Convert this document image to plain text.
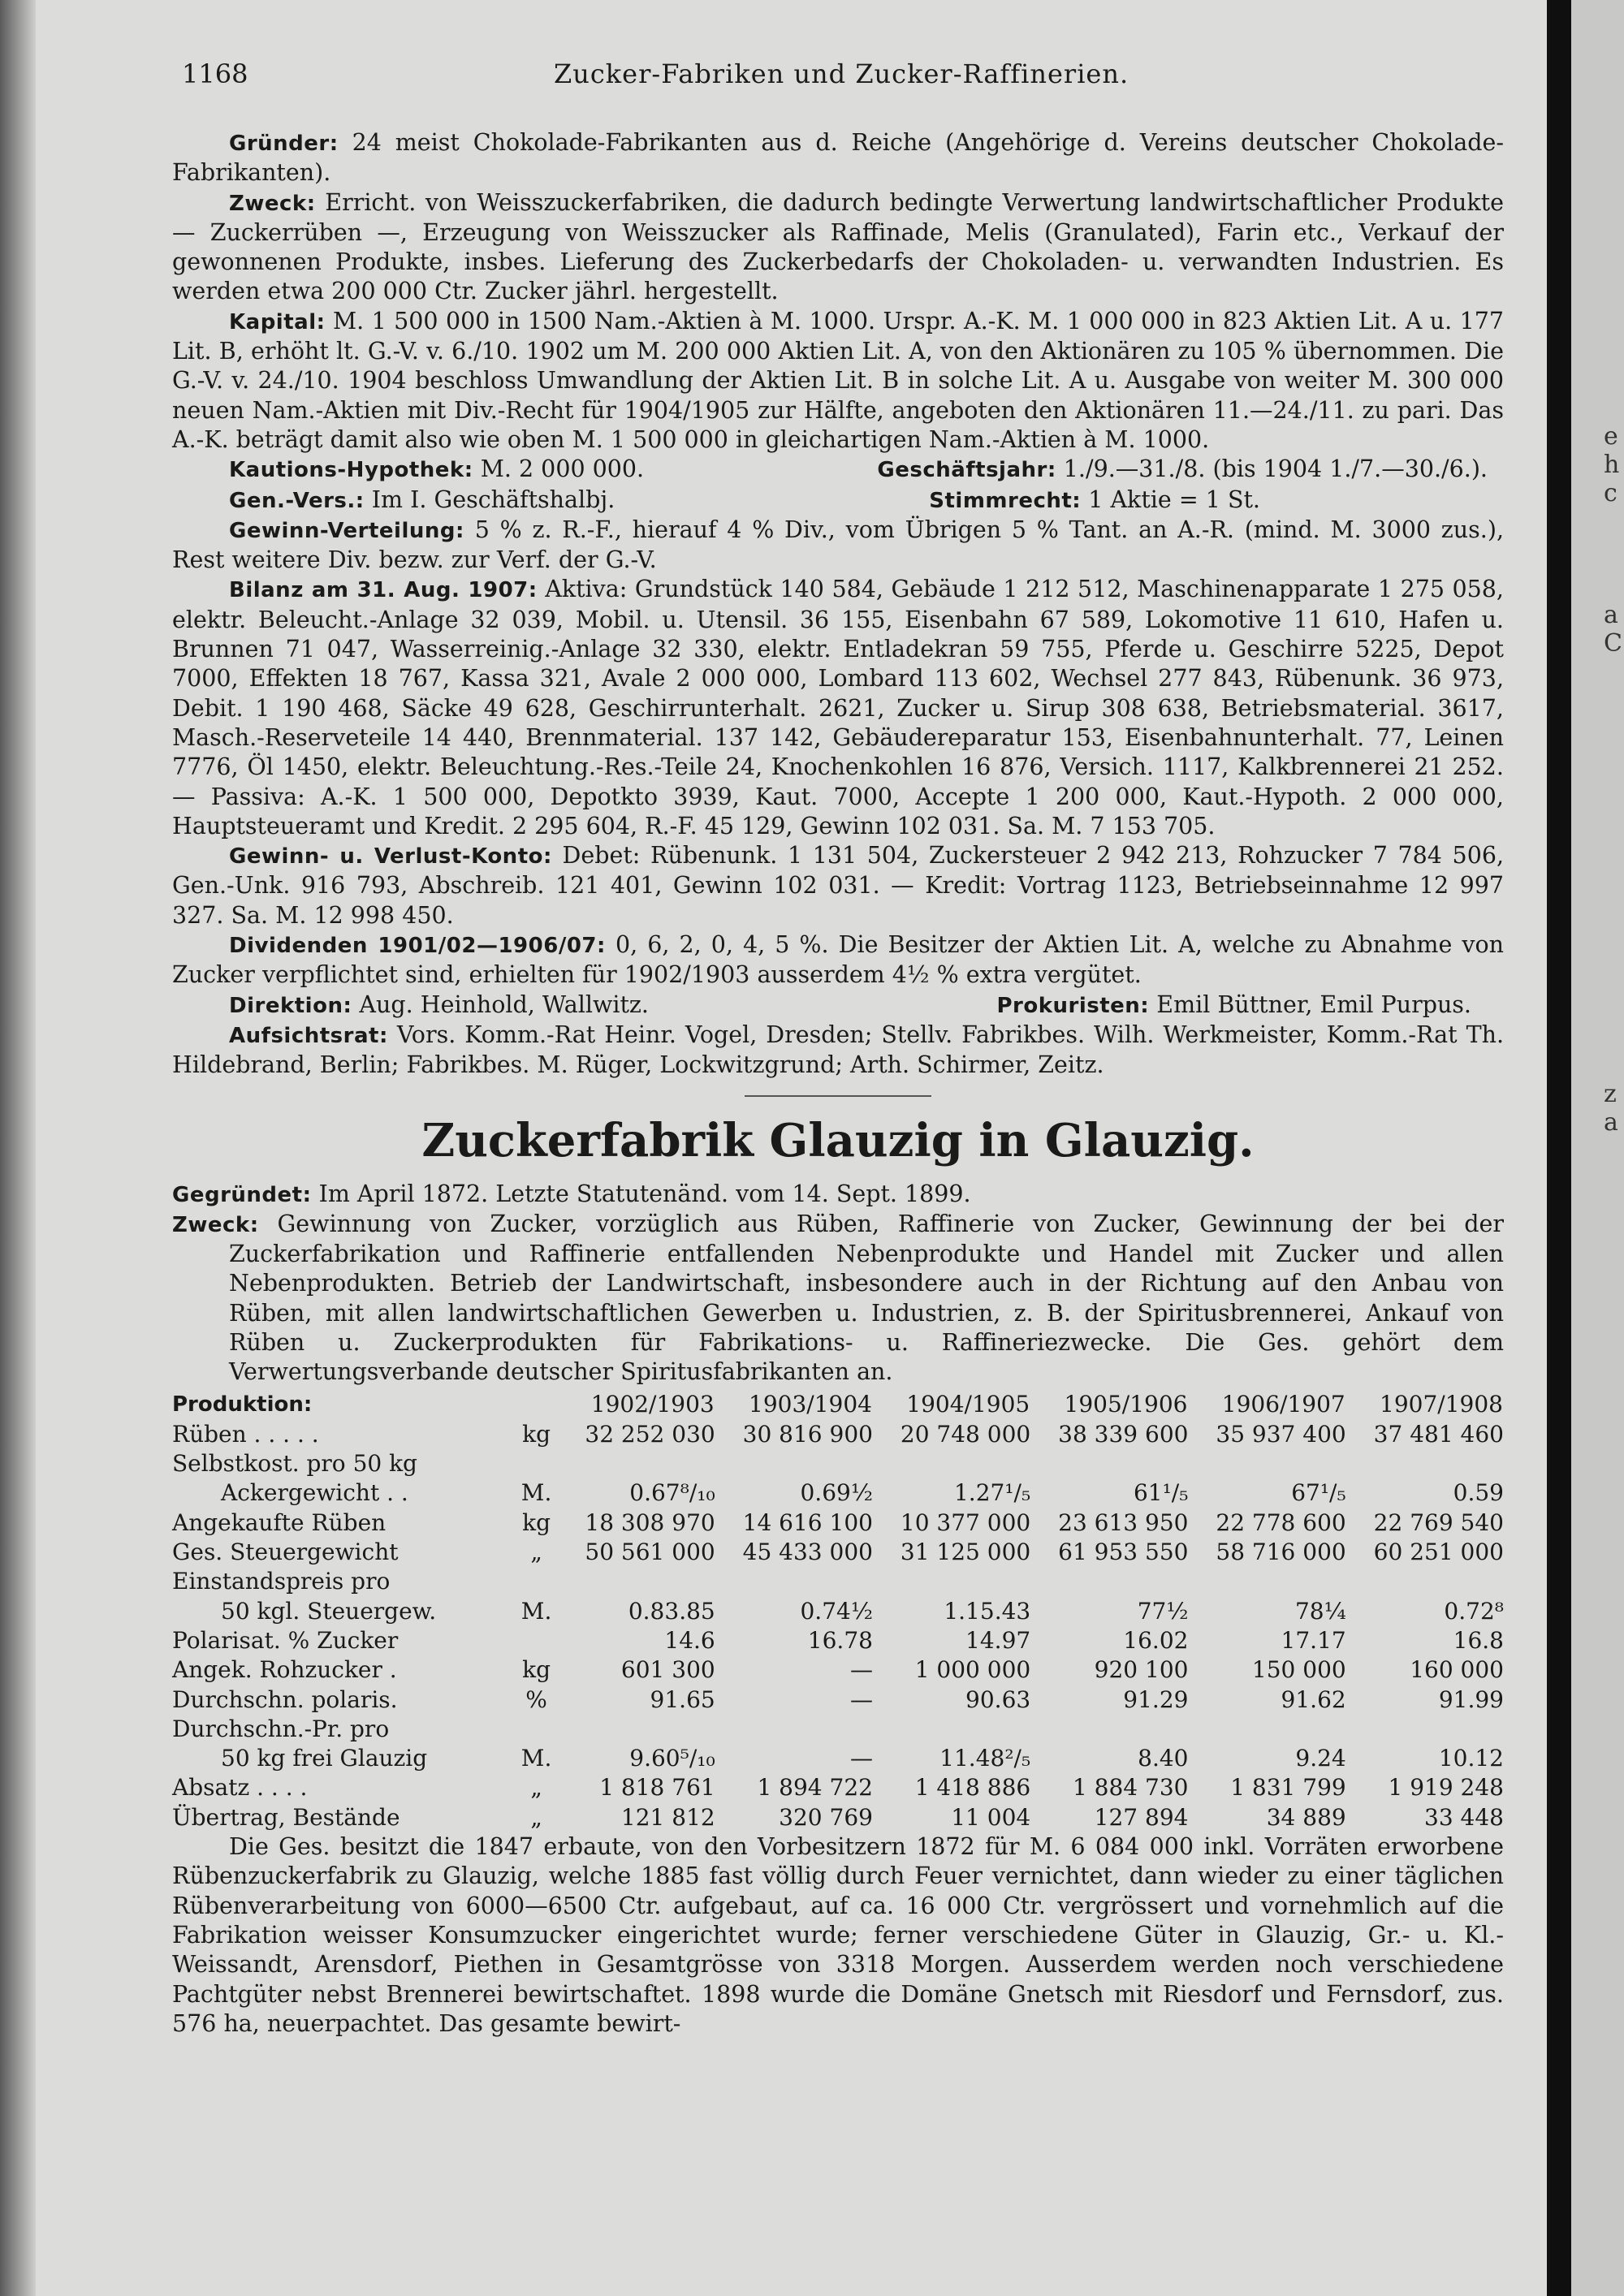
1168	Zucker-Fabriken und Zucker-Raffinerien.

Gründer: 24 meist Chokolade-Fabrikanten aus d. Reiche (Angehörige d. Vereins deutscher Chokolade-Fabrikanten).

Zweck: Erricht. von Weisszuckerfabriken, die dadurch bedingte Verwertung landwirtschaftlicher Produkte — Zuckerrüben —, Erzeugung von Weisszucker als Raffinade, Melis (Granulated), Farin etc., Verkauf der gewonnenen Produkte, insbes. Lieferung des Zuckerbedarfs der Chokoladen- u. verwandten Industrien. Es werden etwa 200 000 Ctr. Zucker jährl. hergestellt.

Kapital: M. 1 500 000 in 1500 Nam.-Aktien à M. 1000. Urspr. A.-K. M. 1 000 000 in 823 Aktien Lit. A u. 177 Lit. B, erhöht lt. G.-V. v. 6./10. 1902 um M. 200 000 Aktien Lit. A, von den Aktionären zu 105 % übernommen. Die G.-V. v. 24./10. 1904 beschloss Umwandlung der Aktien Lit. B in solche Lit. A u. Ausgabe von weiter M. 300 000 neuen Nam.-Aktien mit Div.-Recht für 1904/1905 zur Hälfte, angeboten den Aktionären 11.—24./11. zu pari. Das A.-K. beträgt damit also wie oben M. 1 500 000 in gleichartigen Nam.-Aktien à M. 1000.

Kautions-Hypothek: M. 2 000 000.	Geschäftsjahr: 1./9.—31./8. (bis 1904 1./7.—30./6.).
Gen.-Vers.: Im I. Geschäftshalbj.	Stimmrecht: 1 Aktie = 1 St.

Gewinn-Verteilung: 5 % z. R.-F., hierauf 4 % Div., vom Übrigen 5 % Tant. an A.-R. (mind. M. 3000 zus.), Rest weitere Div. bezw. zur Verf. der G.-V.

Bilanz am 31. Aug. 1907: Aktiva: Grundstück 140 584, Gebäude 1 212 512, Maschinenapparate 1 275 058, elektr. Beleucht.-Anlage 32 039, Mobil. u. Utensil. 36 155, Eisenbahn 67 589, Lokomotive 11 610, Hafen u. Brunnen 71 047, Wasserreinig.-Anlage 32 330, elektr. Entladekran 59 755, Pferde u. Geschirre 5225, Depot 7000, Effekten 18 767, Kassa 321, Avale 2 000 000, Lombard 113 602, Wechsel 277 843, Rübenunk. 36 973, Debit. 1 190 468, Säcke 49 628, Geschirrunterhalt. 2621, Zucker u. Sirup 308 638, Betriebsmaterial. 3617, Masch.-Reserveteile 14 440, Brennmaterial. 137 142, Gebäudereparatur 153, Eisenbahnunterhalt. 77, Leinen 7776, Öl 1450, elektr. Beleuchtung.-Res.-Teile 24, Knochenkohlen 16 876, Versich. 1117, Kalkbrennerei 21 252. — Passiva: A.-K. 1 500 000, Depotkto 3939, Kaut. 7000, Accepte 1 200 000, Kaut.-Hypoth. 2 000 000, Hauptsteueramt und Kredit. 2 295 604, R.-F. 45 129, Gewinn 102 031. Sa. M. 7 153 705.

Gewinn- u. Verlust-Konto: Debet: Rübenunk. 1 131 504, Zuckersteuer 2 942 213, Rohzucker 7 784 506, Gen.-Unk. 916 793, Abschreib. 121 401, Gewinn 102 031. — Kredit: Vortrag 1123, Betriebseinnahme 12 997 327. Sa. M. 12 998 450.

Dividenden 1901/02—1906/07: 0, 6, 2, 0, 4, 5 %. Die Besitzer der Aktien Lit. A, welche zu Abnahme von Zucker verpflichtet sind, erhielten für 1902/1903 ausserdem 4½ % extra vergütet.

Direktion: Aug. Heinhold, Wallwitz.	Prokuristen: Emil Büttner, Emil Purpus.

Aufsichtsrat: Vors. Komm.-Rat Heinr. Vogel, Dresden; Stellv. Fabrikbes. Wilh. Werkmeister, Komm.-Rat Th. Hildebrand, Berlin; Fabrikbes. M. Rüger, Lockwitzgrund; Arth. Schirmer, Zeitz.

Zuckerfabrik Glauzig in Glauzig.

Gegründet: Im April 1872. Letzte Statutenänd. vom 14. Sept. 1899.

Zweck: Gewinnung von Zucker, vorzüglich aus Rüben, Raffinerie von Zucker, Gewinnung der bei der Zuckerfabrikation und Raffinerie entfallenden Nebenprodukte und Handel mit Zucker und allen Nebenprodukten. Betrieb der Landwirtschaft, insbesondere auch in der Richtung auf den Anbau von Rüben, mit allen landwirtschaftlichen Gewerben u. Industrien, z. B. der Spiritusbrennerei, Ankauf von Rüben u. Zuckerprodukten für Fabrikations- u. Raffineriezwecke. Die Ges. gehört dem Verwertungsverbande deutscher Spiritusfabrikanten an.

Produktion:		1902/1903	1903/1904	1904/1905	1905/1906	1906/1907	1907/1908
Rüben . . . . .	kg	32 252 030	30 816 900	20 748 000	38 339 600	35 937 400	37 481 460
Selbstkost. pro 50 kg							
Ackergewicht . .	M.	0.67⁸/₁₀	0.69½	1.27¹/₅	61¹/₅	67¹/₅	0.59
Angekaufte Rüben	kg	18 308 970	14 616 100	10 377 000	23 613 950	22 778 600	22 769 540
Ges. Steuergewicht	„	50 561 000	45 433 000	31 125 000	61 953 550	58 716 000	60 251 000
Einstandspreis pro							
50 kgl. Steuergew.	M.	0.83.85	0.74½	1.15.43	77½	78¼	0.72⁸
Polarisat. % Zucker		14.6	16.78	14.97	16.02	17.17	16.8
Angek. Rohzucker .	kg	601 300	—	1 000 000	920 100	150 000	160 000
Durchschn. polaris.	%	91.65	—	90.63	91.29	91.62	91.99
Durchschn.-Pr. pro							
50 kg frei Glauzig	M.	9.60⁵/₁₀	—	11.48²/₅	8.40	9.24	10.12
Absatz . . . .	„	1 818 761	1 894 722	1 418 886	1 884 730	1 831 799	1 919 248
Übertrag, Bestände	„	121 812	320 769	11 004	127 894	34 889	33 448

Die Ges. besitzt die 1847 erbaute, von den Vorbesitzern 1872 für M. 6 084 000 inkl. Vorräten erworbene Rübenzuckerfabrik zu Glauzig, welche 1885 fast völlig durch Feuer vernichtet, dann wieder zu einer täglichen Rübenverarbeitung von 6000—6500 Ctr. aufgebaut, auf ca. 16 000 Ctr. vergrössert und vornehmlich auf die Fabrikation weisser Konsumzucker eingerichtet wurde; ferner verschiedene Güter in Glauzig, Gr.- u. Kl.-Weissandt, Arensdorf, Piethen in Gesamtgrösse von 3318 Morgen. Ausserdem werden noch verschiedene Pachtgüter nebst Brennerei bewirtschaftet. 1898 wurde die Domäne Gnetsch mit Riesdorf und Fernsdorf, zus. 576 ha, neuerpachtet. Das gesamte bewirt-

e
h
c
a
C
z
a
